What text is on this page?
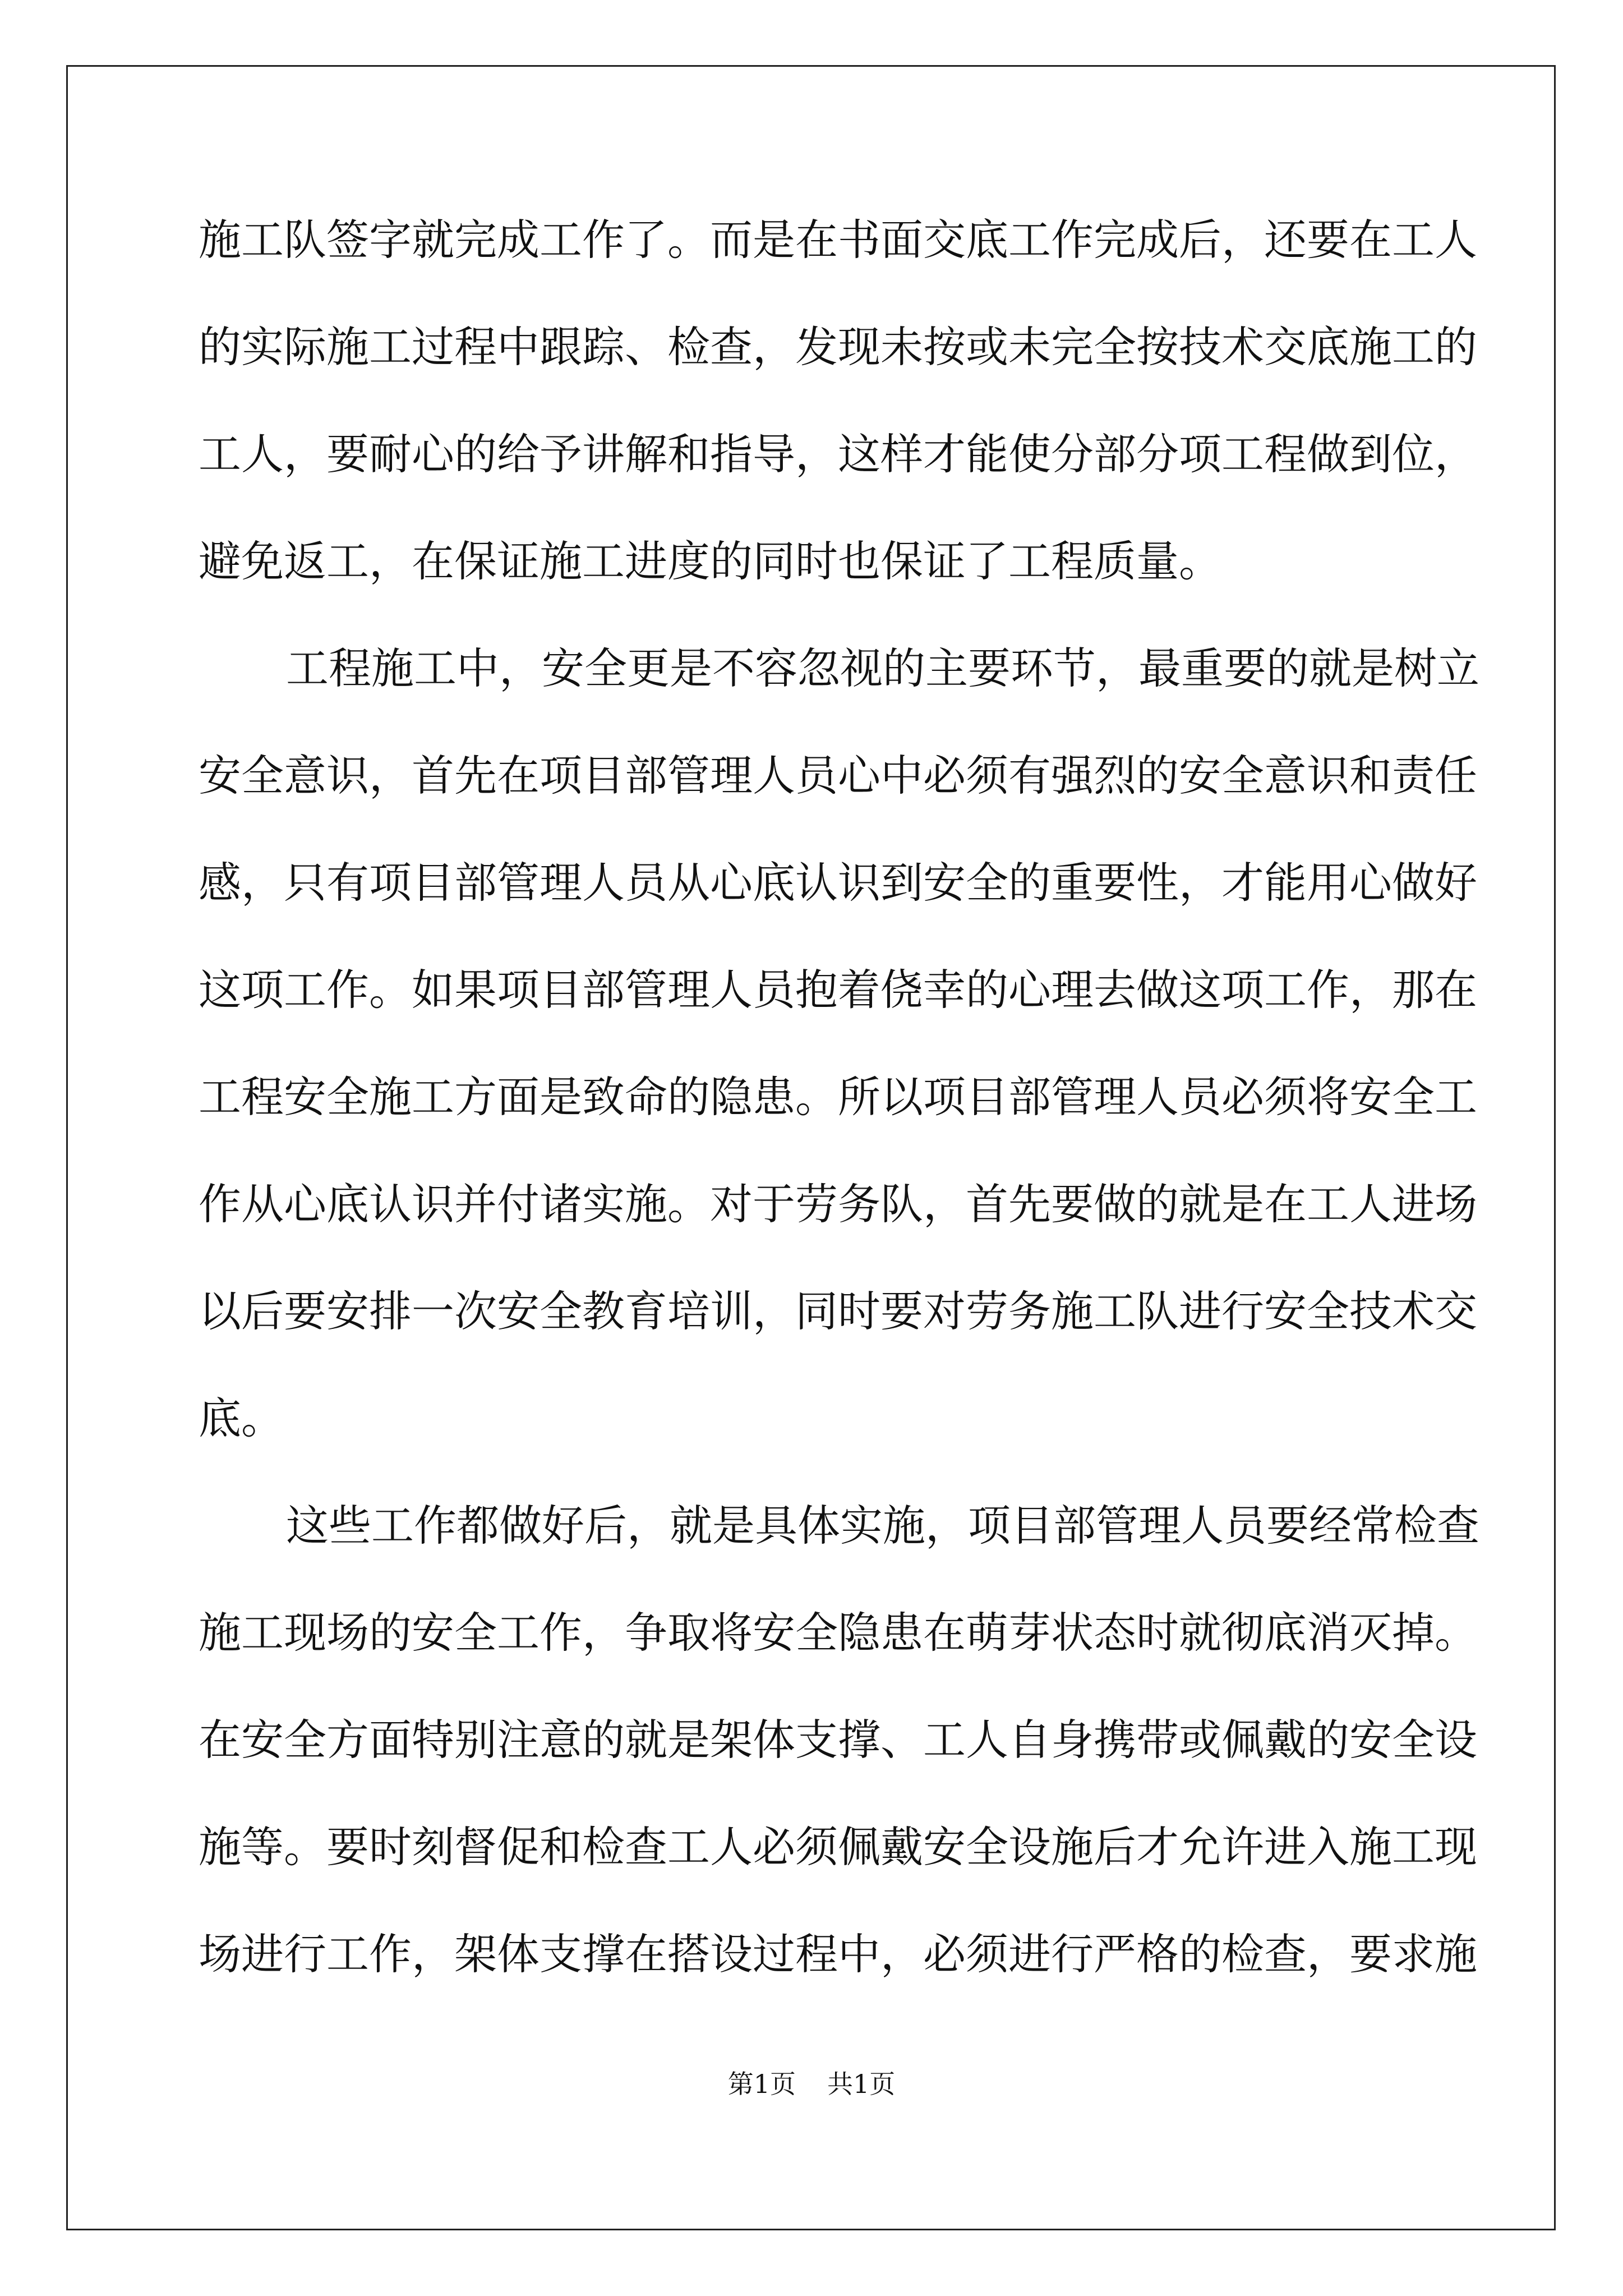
施工队签字就完成工作了。而是在书面交底工作完成后，还要在工人
的实际施工过程中跟踪、检查，发现未按或未完全按技术交底施工的
工人，要耐心的给予讲解和指导，这样才能使分部分项工程做到位，
避免返工，在保证施工进度的同时也保证了工程质量。
工程施工中，安全更是不容忽视的主要环节，最重要的就是树立
安全意识，首先在项目部管理人员心中必须有强烈的安全意识和责任
感，只有项目部管理人员从心底认识到安全的重要性，才能用心做好
这项工作。如果项目部管理人员抱着侥幸的心理去做这项工作，那在
工程安全施工方面是致命的隐患。所以项目部管理人员必须将安全工
作从心底认识并付诸实施。对于劳务队，首先要做的就是在工人进场
以后要安排一次安全教育培训，同时要对劳务施工队进行安全技术交
底。
这些工作都做好后，就是具体实施，项目部管理人员要经常检查
施工现场的安全工作，争取将安全隐患在萌芽状态时就彻底消灭掉。
在安全方面特别注意的就是架体支撑、工人自身携带或佩戴的安全设
施等。要时刻督促和检查工人必须佩戴安全设施后才允许进入施工现
场进行工作，架体支撑在搭设过程中，必须进行严格的检查，要求施
第1页 共1页
